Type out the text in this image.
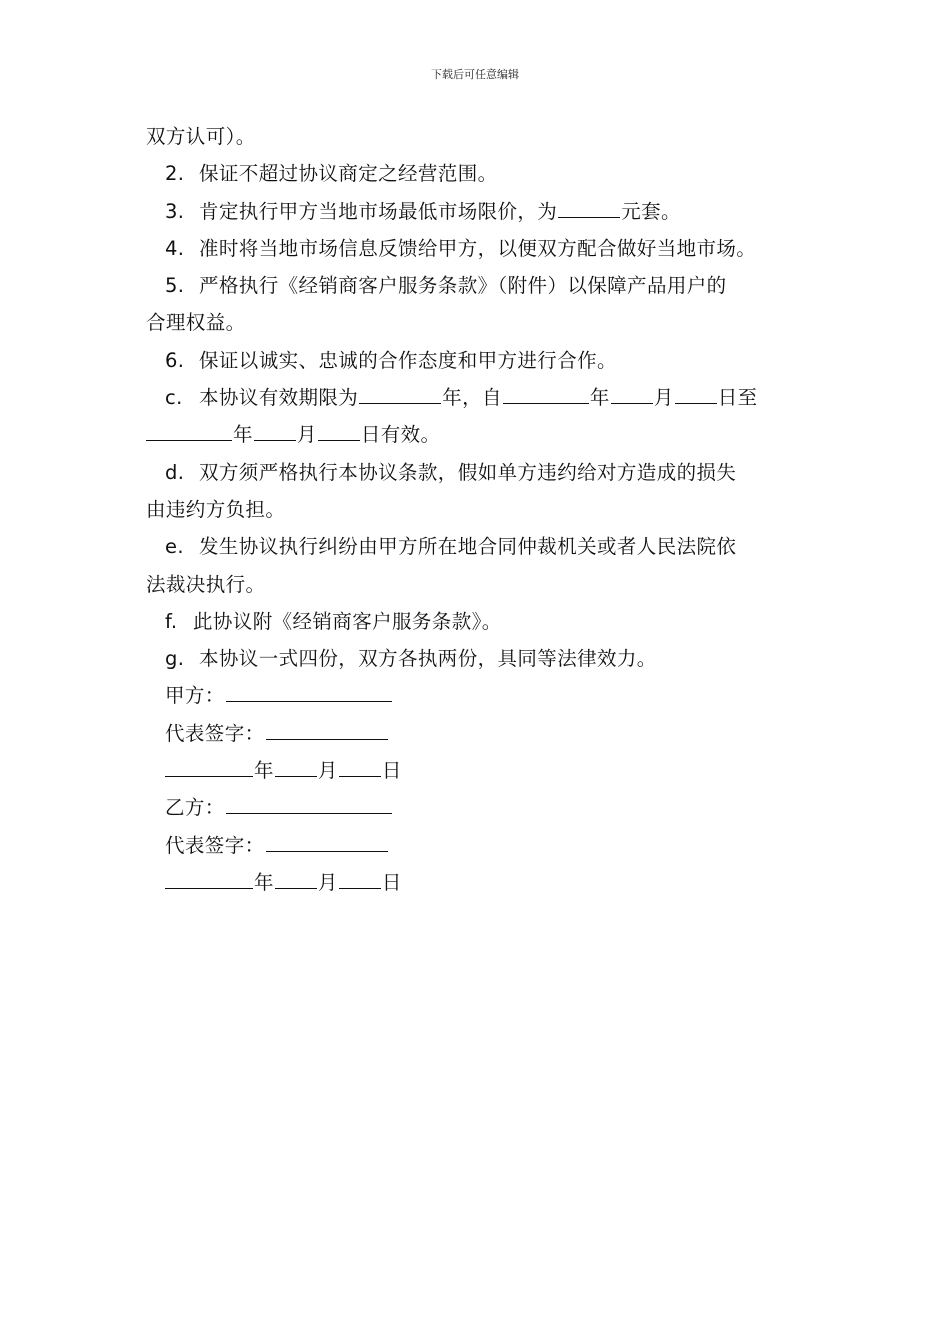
下载后可任意编辑

双方认可）。

2. 保证不超过协议商定之经营范围。

3. 肯定执行甲方当地市场最低市场限价，为	元套。

4. 准时将当地市场信息反馈给甲方，以便双方配合做好当地市场。

5. 严格执行《经销商客户服务条款》（附件）以保障产品用户的

合理权益。

6. 保证以诚实、忠诚的合作态度和甲方进行合作。

c. 本协议有效期限为	年，自	年 月 日至

年 月 日有效。

d. 双方须严格执行本协议条款，假如单方违约给对方造成的损失

由违约方负担。

e. 发生协议执行纠纷由甲方所在地合同仲裁机关或者人民法院依

法裁决执行。

f. 此协议附《经销商客户服务条款》。

g. 本协议一式四份，双方各执两份，具同等法律效力。

甲方：

代表签字：

年 月 日

乙方：

代表签字：

年 月 日
